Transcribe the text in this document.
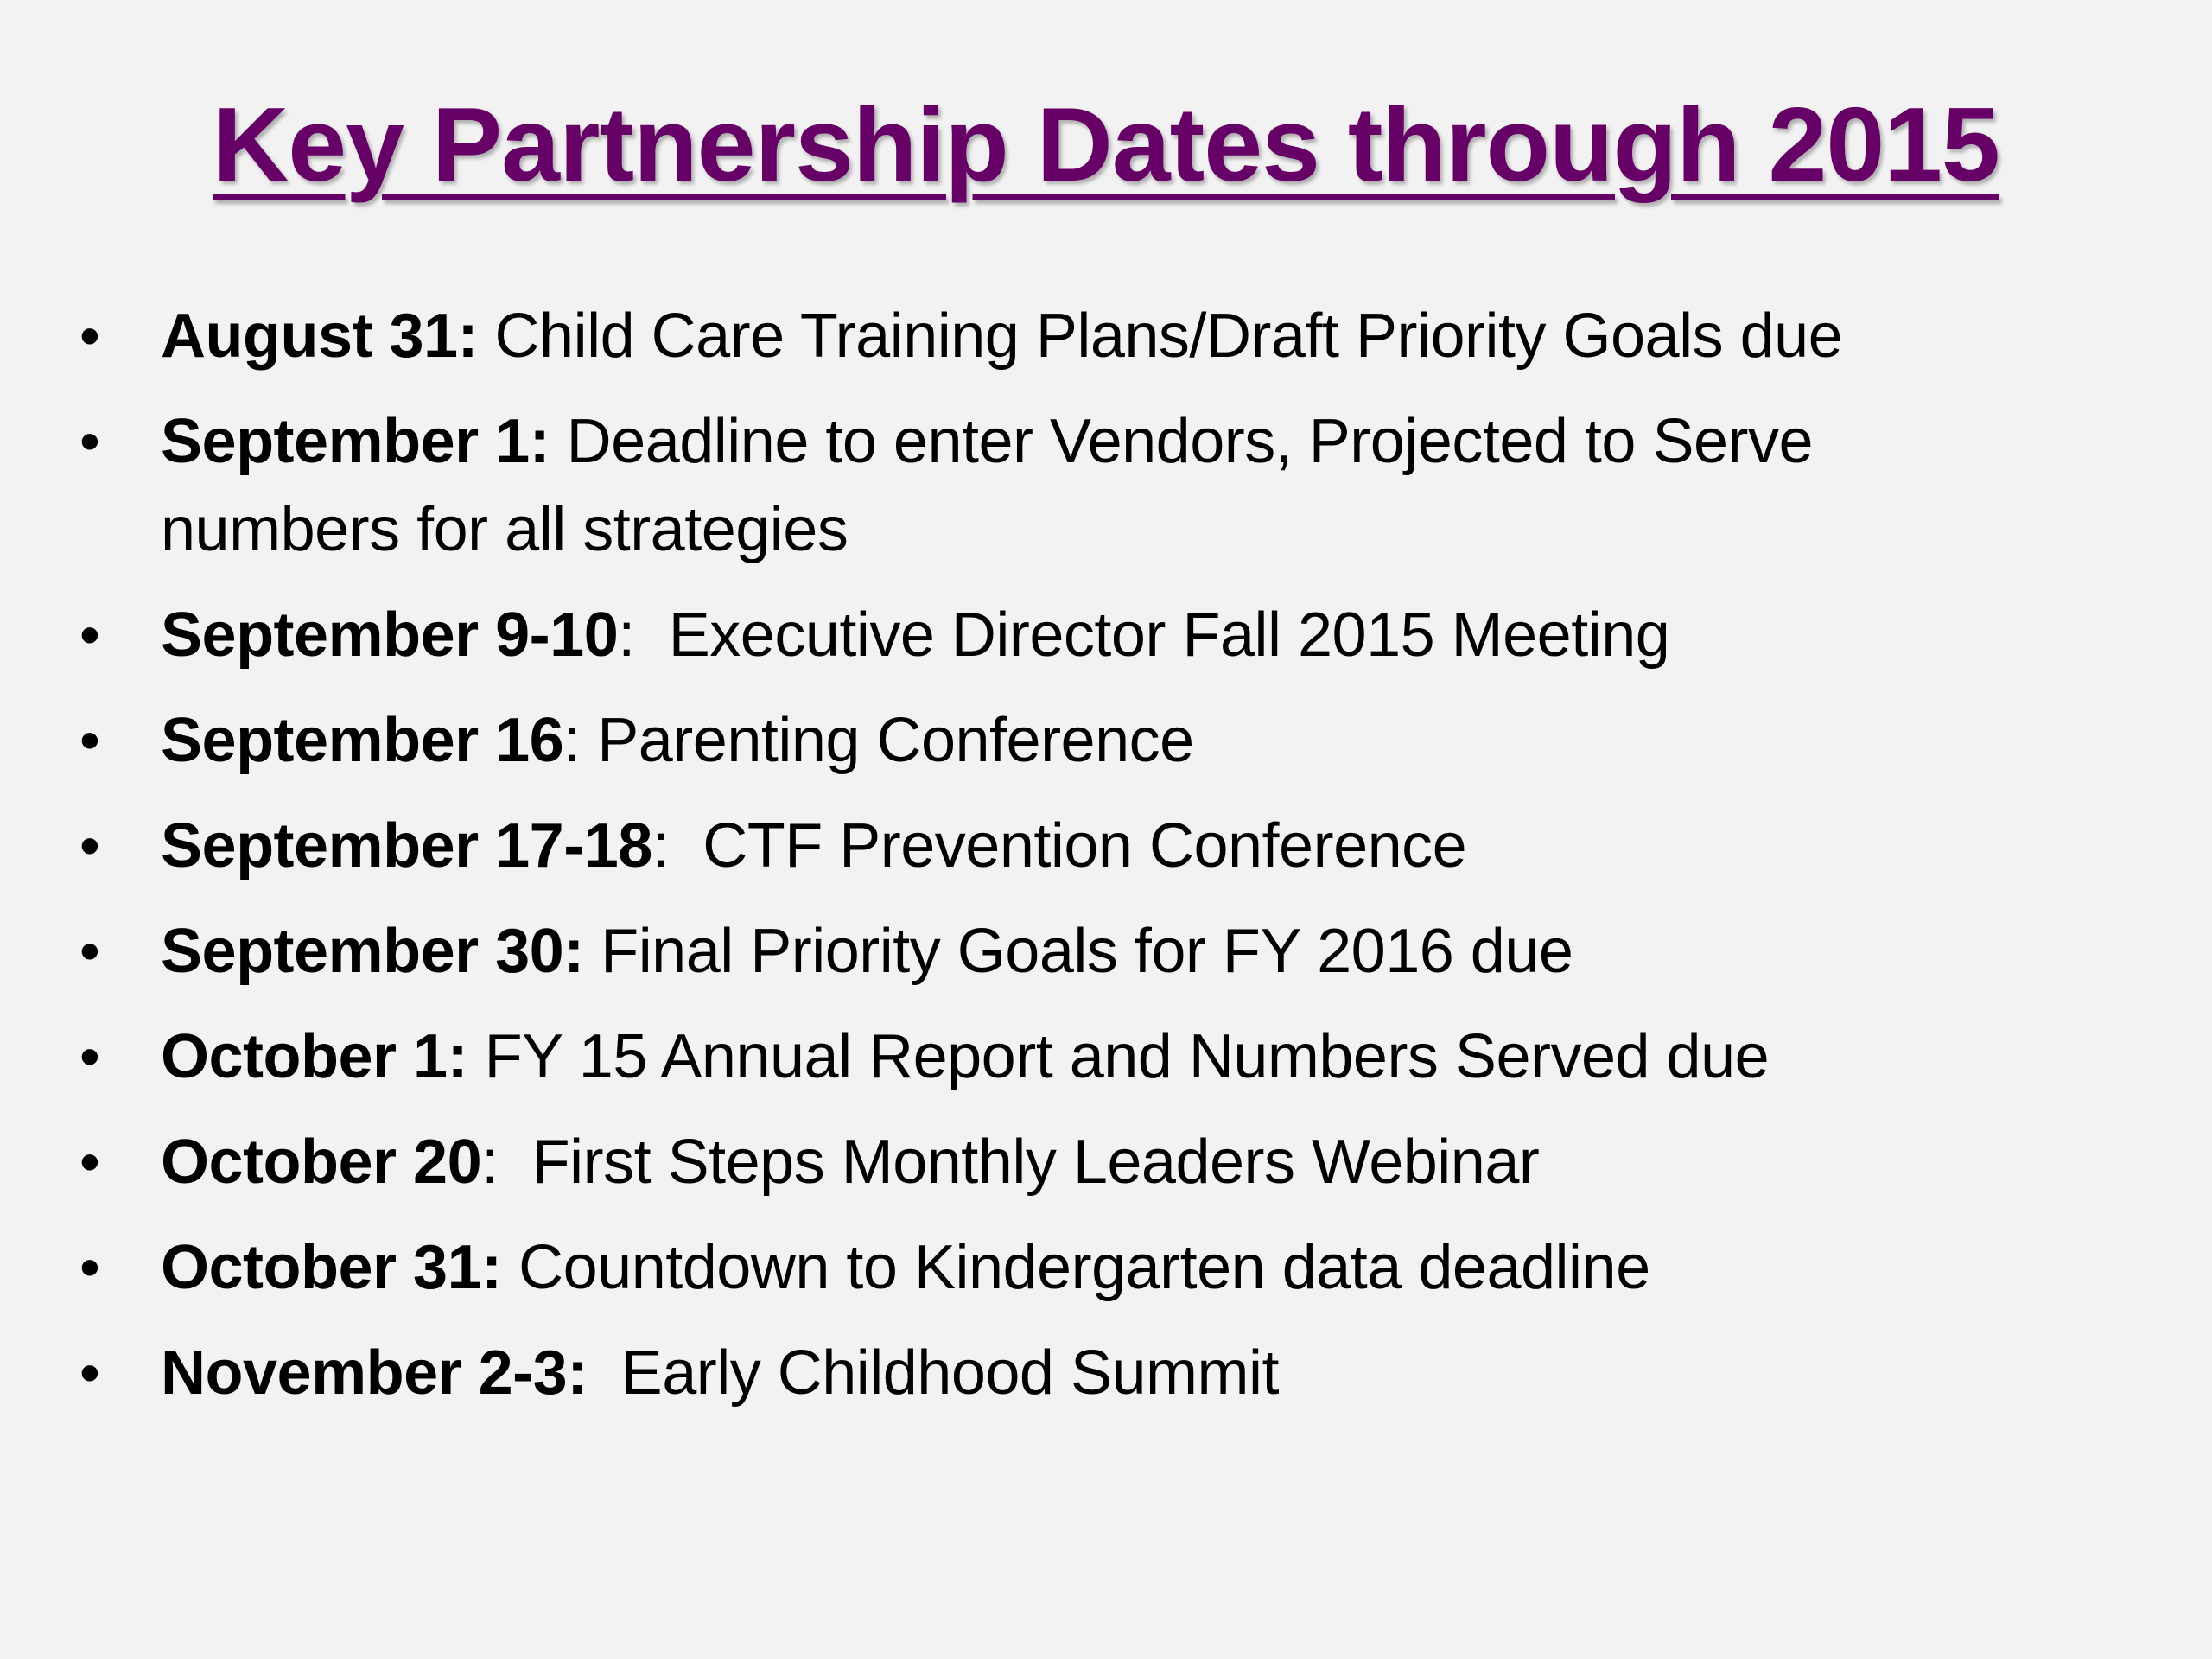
Key Partnership Dates through 2015
• August 31: Child Care Training Plans/Draft Priority Goals due
• September 1: Deadline to enter Vendors, Projected to Serve numbers for all strategies
• September 9-10:  Executive Director Fall 2015 Meeting
• September 16: Parenting Conference
• September 17-18:  CTF Prevention Conference
• September 30: Final Priority Goals for FY 2016 due
• October 1: FY 15 Annual Report and Numbers Served due
• October 20:  First Steps Monthly Leaders Webinar
• October 31: Countdown to Kindergarten data deadline
• November 2-3:  Early Childhood Summit
